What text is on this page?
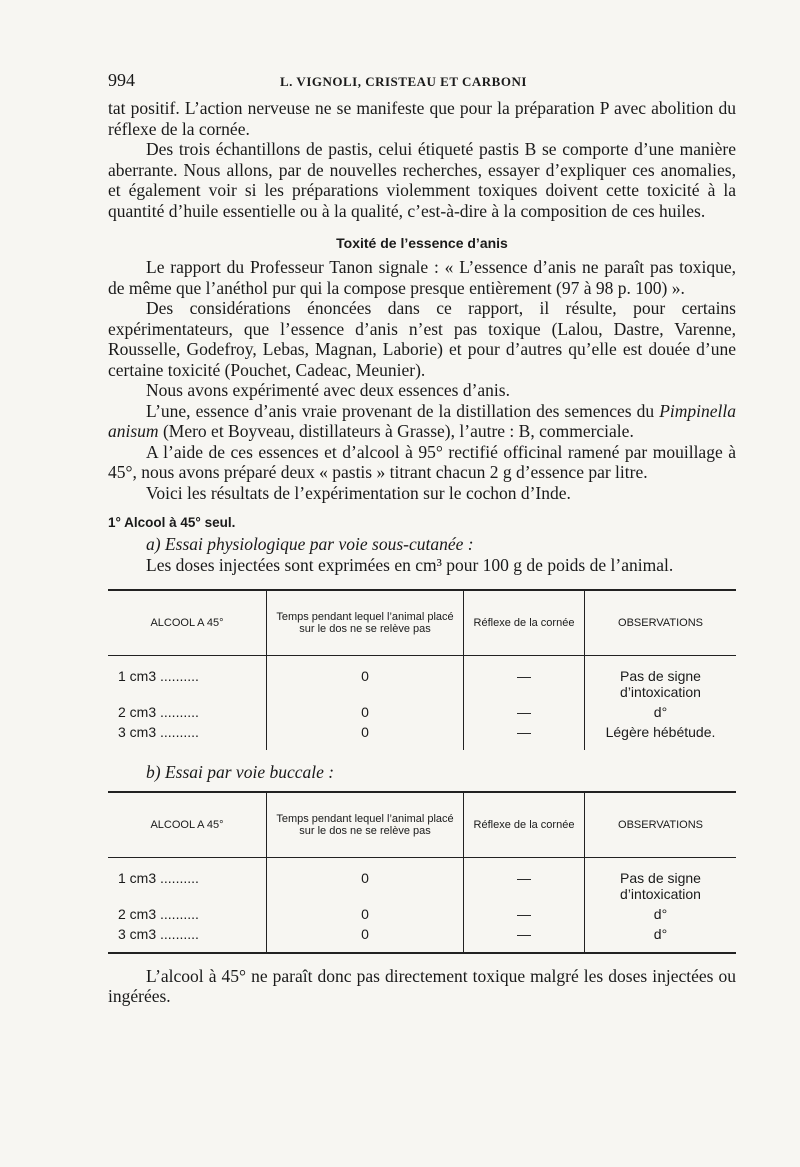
994	L. VIGNOLI, CRISTEAU ET CARBONI

tat positif. L’action nerveuse ne se manifeste que pour la préparation P avec abolition du réflexe de la cornée.

Des trois échantillons de pastis, celui étiqueté pastis B se comporte d’une manière aberrante. Nous allons, par de nouvelles recherches, essayer d’expliquer ces anomalies, et également voir si les préparations violemment toxiques doivent cette toxicité à la quantité d’huile essentielle ou à la qualité, c’est-à-dire à la composition de ces huiles.

Toxité de l’essence d’anis

Le rapport du Professeur Tanon signale : « L’essence d’anis ne paraît pas toxique, de même que l’anéthol pur qui la compose presque entièrement (97 à 98 p. 100) ».

Des considérations énoncées dans ce rapport, il résulte, pour certains expérimentateurs, que l’essence d’anis n’est pas toxique (Lalou, Dastre, Varenne, Rousselle, Godefroy, Lebas, Magnan, Laborie) et pour d’autres qu’elle est douée d’une certaine toxicité (Pouchet, Cadeac, Meunier).

Nous avons expérimenté avec deux essences d’anis.

L’une, essence d’anis vraie provenant de la distillation des semences du Pimpinella anisum (Mero et Boyveau, distillateurs à Grasse), l’autre : B, commerciale.

A l’aide de ces essences et d’alcool à 95° rectifié officinal ramené par mouillage à 45°, nous avons préparé deux « pastis » titrant chacun 2 g d’essence par litre.

Voici les résultats de l’expérimentation sur le cochon d’Inde.

1° Alcool à 45° seul.

a) Essai physiologique par voie sous-cutanée :

Les doses injectées sont exprimées en cm³ pour 100 g de poids de l’animal.

ALCOOL A 45°	Temps pendant lequel l’animal placé sur le dos ne se relève pas	Réflexe de la cornée	OBSERVATIONS
1 cm3 ..........	0	—	Pas de signe d’intoxication
2 cm3 ..........	0	—	d°
3 cm3 ..........	0	—	Légère hébétude.

b) Essai par voie buccale :

ALCOOL A 45°	Temps pendant lequel l’animal placé sur le dos ne se relève pas	Réflexe de la cornée	OBSERVATIONS
1 cm3 ..........	0	—	Pas de signe d’intoxication
2 cm3 ..........	0	—	d°
3 cm3 ..........	0	—	d°

L’alcool à 45° ne paraît donc pas directement toxique malgré les doses injectées ou ingérées.
